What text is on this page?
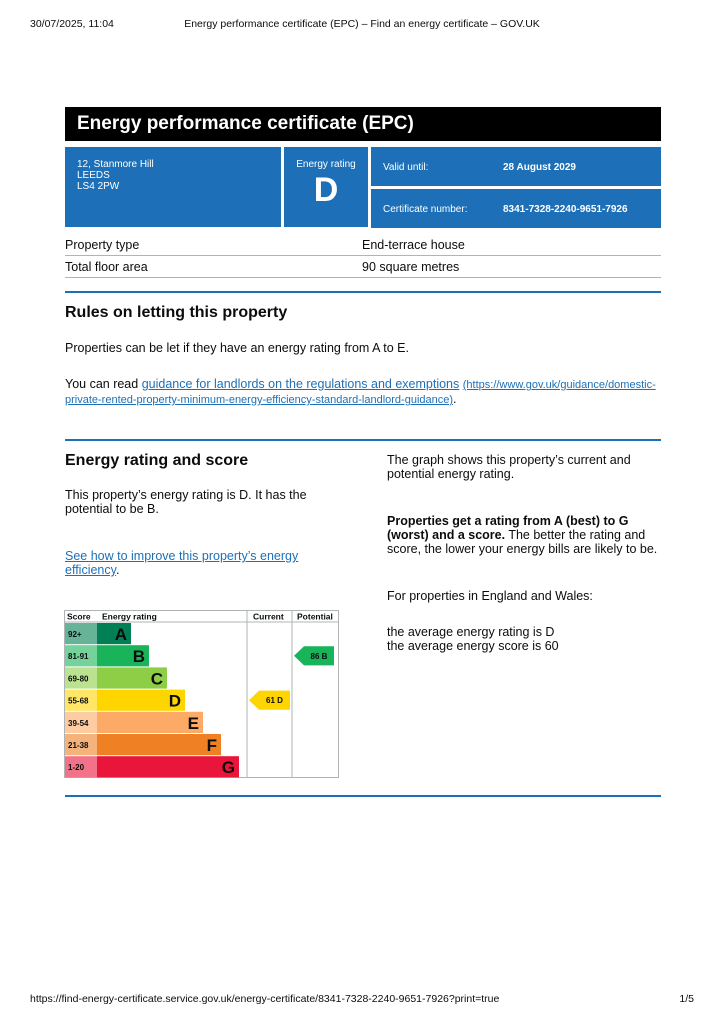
30/07/2025, 11:04	Energy performance certificate (EPC) – Find an energy certificate – GOV.UK
Energy performance certificate (EPC)
12, Stanmore Hill
LEEDS
LS4 2PW
Energy rating
D
Valid until:	28 August 2029
Certificate number:	8341-7328-2240-9651-7926
Property type	End-terrace house
Total floor area	90 square metres
Rules on letting this property
Properties can be let if they have an energy rating from A to E.
You can read guidance for landlords on the regulations and exemptions (https://www.gov.uk/guidance/domestic-private-rented-property-minimum-energy-efficiency-standard-landlord-guidance).
Energy rating and score
This property’s energy rating is D. It has the potential to be B.
See how to improve this property’s energy efficiency.
The graph shows this property’s current and potential energy rating.
Properties get a rating from A (best) to G (worst) and a score. The better the rating and score, the lower your energy bills are likely to be.
For properties in England and Wales:
the average energy rating is D
the average energy score is 60
Score Energy rating	Current Potential
92+ A
81-91	B
69-80	C
55-68	D
39-54	E
21-38	F
1-20	G
61 D
86 B
https://find-energy-certificate.service.gov.uk/energy-certificate/8341-7328-2240-9651-7926?print=true	1/5
